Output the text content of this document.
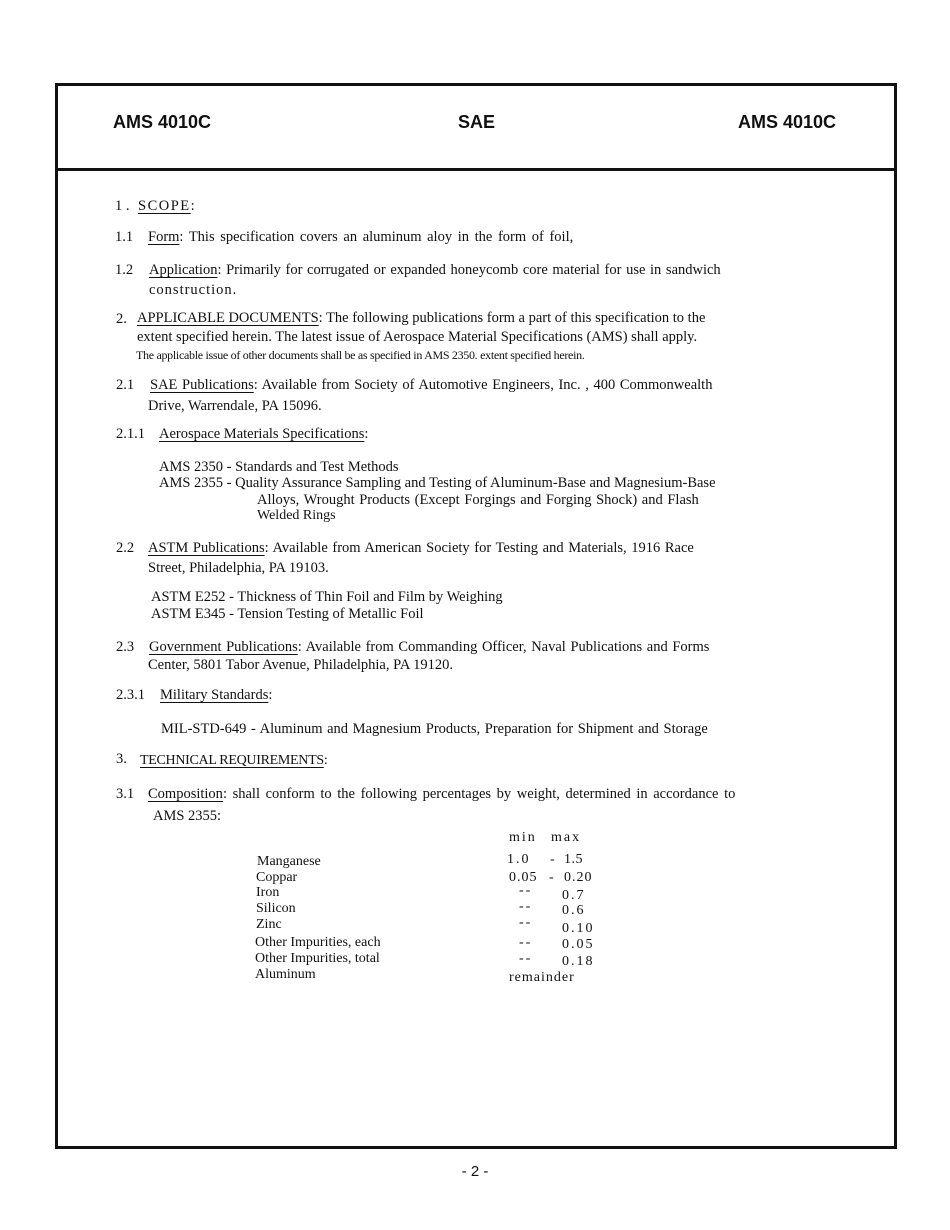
AMS 4010C	SAE	AMS 4010C
1 . SCOPE:
1.1 Form: This specification covers an aluminum aloy in the form of foil,
1.2 Application: Primarily for corrugated or expanded honeycomb core material for use in sandwich
construction.
2. APPLICABLE DOCUMENTS: The following publications form a part of this specification to the
extent specified herein. The latest issue of Aerospace Material Specifications (AMS) shall apply.
The applicable issue of other documents shall be as specified in AMS 2350. extent specified herein.
2.1 SAE Publications: Available from Society of Automotive Engineers, Inc. , 400 Commonwealth
Drive, Warrendale, PA 15096.
2.1.1 Aerospace Materials Specifications:
AMS 2350 - Standards and Test Methods
AMS 2355 - Quality Assurance Sampling and Testing of Aluminum-Base and Magnesium-Base
Alloys, Wrought Products (Except Forgings and Forging Shock) and Flash
Welded Rings
2.2 ASTM Publications: Available from American Society for Testing and Materials, 1916 Race
Street, Philadelphia, PA 19103.
ASTM E252 - Thickness of Thin Foil and Film by Weighing
ASTM E345 - Tension Testing of Metallic Foil
2.3 Government Publications: Available from Commanding Officer, Naval Publications and Forms
Center, 5801 Tabor Avenue, Philadelphia, PA 19120.
2.3.1 Military Standards:
MIL-STD-649 - Aluminum and Magnesium Products, Preparation for Shipment and Storage
3. TECHNICAL REQUIREMENTS:
3.1 Composition: shall conform to the following percentages by weight, determined in accordance to
AMS 2355:
min max
Manganese	1.0 - 1.5
Coppar	0.05 - 0.20
Iron	-- 0.7
Silicon	-- 0.6
Zinc	-- 0.10
Other Impurities, each	-- 0.05
Other Impurities, total	-- 0.18
Aluminum	remainder
- 2 -
